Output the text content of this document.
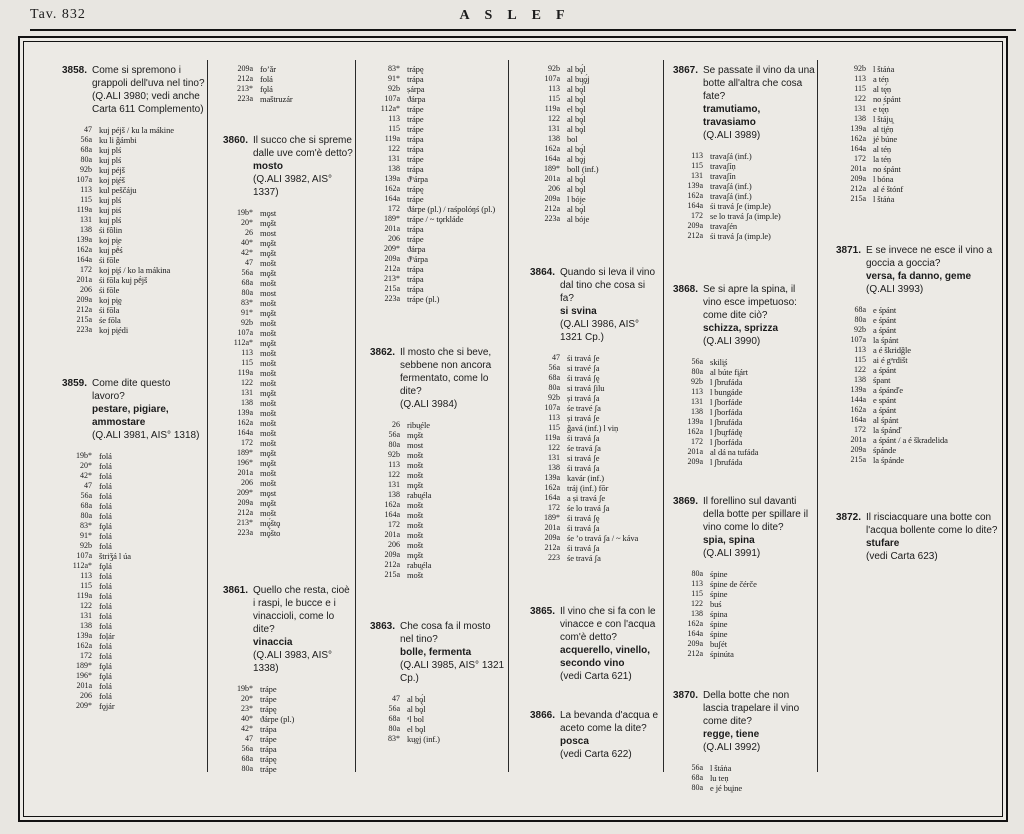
Tav. 832	ASLEF
3858. Come si spremono i grappoli dell'uva nel tino?
(Q.ALI 3980; vedi anche Carta 611 Complemento)
47 kuj péjš / ku la mákine
56a ku li ǧámbi
68a kuj plś
80a kuj plś
92b kuj péjš
107a koj pi̯éš
113 kul peščáju
115 kuj plś
119a kuj piś
131 kuj plś
138 śi fôlin
139a koj pi̯e
162a kuj pḗś
164a śi fōle
172 koj pi̯ś / ko la mákina
201a śi fōla kuj pḗjš
206 śi fōle
209a koj pi̯ę
212a śi fōla
215a śe fōla
223a koj pi̯édi
3859. Come dite questo lavoro?
pestare, pigiare, ammostare
(Q.ALI 3981, AIS° 1318)
19b* folá
20* folá
42* folá
47 folá
56a folá
68a folá
80a folá
83* fǫlá
91* folá
92b folá
107a štriǯá l úa
112a* fǫlá
113 folá
115 folá
119a folá
122 folá
131 folá
138 folá
139a foḷár
162a folá
172 folá
189* fǫlá
196* fǫlá
201a folá
206 folá
209* fǫjár
209a foʼǎr
212a folá
213* fǫlá
223a maštruzár
3860. Il succo che si spreme dalle uve com'è detto?
mosto
(Q.ALI 3982, AIS° 1337)
19b* mǫst
20* mǫšt
26 most
40* mǫšt
42* mǫšt
47 mošt
56a mǫšt
68a mošt
80a most
83* mošt
91* mǫšt
92b mošt
107a mošt
112a* mǫšt
113 mošt
115 mošt
119a mošt
122 mošt
131 mǫšt
138 mošt
139a mošt
162a mošt
164a mošt
172 mošt
189* mǫšt
196* mǫšt
201a mošt
206 mošt
209* mǫst
209a mǫšt
212a mošt
213* mǫ́štǫ
223a mǫ́što
3861. Quello che resta, cioè i raspi, le bucce e i vinaccioli, come lo dite?
vinaccia
(Q.ALI 3983, AIS° 1338)
19b* trápe
20* trápe
23* trápę
40* ϑárpe (pl.)
42* trápa
47 trápe
56a trápa
68a trápę
80a trápe
83* trápę
91* trápa
92b ṣárpa
107a ϑárpa
112a* trápe
113 trápe
115 trápe
119a trápa
122 trápa
131 trápe
138 trápa
139a ϑʰárpa
162a trápę
164a trápe
172 ϑárpe (pl.) / raśpolóŋś (pl.)
189* trápe / ~ tǫrkláde
201a trápa
206 trápe
209* ϑárpa
209a ϑʰárpa
212a trápa
213* trápa
215a trápa
223a trápe (pl.)
3862. Il mosto che si beve, sebbene non ancora fermentato, come lo dite?
(Q.ALI 3984)
26 ribu̯éle
56a mǫšt
80a most
92b mošt
113 mošt
122 mošt
131 mǫšt
138 rabu̯éla
162a mošt
164a mošt
172 mošt
201a mošt
206 mošt
209a mǫšt
212a rabu̯éla
215a mošt
3863. Che cosa fa il mosto nel tino?
bolle, fermenta
(Q.ALI 3985, AIS° 1321 Cp.)
47 al bǫ́l
56a al bǫ́l
68a ᵃl bol
80a el bǫl
83* ku̯ęj (inf.)
92b al bǫ́l
107a al bu̯ǫ́j
113 al bǫ́l
115 al bǫ́l
119a el bǫ́l
122 al bǫ́l
131 al bǫ́l
138 bol
162a al bǫ́l
164a al bǫ́j
189* boll (inf.)
201a al bǫ́l
206 al bǫ́l
209a l bóje
212a al bǫ́l
223a al bóje
3864. Quando si leva il vino dal tino che cosa si fa?
si svina
(Q.ALI 3986, AIS° 1321 Cp.)
47 śi travá ʃe
56a si travé ʃa
68a śi travá ʃę
80a si travá ʃilu
92b ṣi travá ʃa
107a śe travé ʃa
113 ṣi travá ʃe
115 ǧavá (inf.) l viṇ
119a śi travá ʃa
122 śe travá ʃa
131 si travá ʃe
138 śi travá ʃa
139a kavár (inf.)
162a tráj (inf.) fōr
164a a ṣi travá ʃe
172 śe lo travá ʃa
189* śi travá ʃę
201a śi travá ʃa
209a śe ʼo travá ʃa / ~ káva
212a śi travá ʃa
223 śe travá ʃa
3865. Il vino che si fa con le vinacce e con l'acqua com'è detto?
acquerello, vinello, secondo vino
(vedi Carta 621)
3866. La bevanda d'acqua e aceto come la dite?
posca
(vedi Carta 622)
3867. Se passate il vino da una botte all'altra che cosa fate?
tramutiamo, travasiamo
(Q.ALI 3989)
113 travaʃá (inf.)
115 travaʃíṇ
131 travaʃín
139a travaʃá (inf.)
162a travaʃá (inf.)
164a śi travá ʃe (imp.le)
172 se lo travá ʃa (imp.le)
209a travaʃén
212a śi travá ʃa (imp.le)
3868. Se si apre la spina, il vino esce impetuoso: come dite ciò?
schizza, sprizza
(Q.ALI 3990)
56a skili̯ś
80a al búte fi̯árt
92b l ʃbrufáda
113 l bungáde
131 l ʃborfáde
138 l ʃborfáda
139a l ʃbrufáda
162a l ʃbu̯rfádę
172 l ʃborfáda
201a al dá na tufáda
209a l ʃbrufáda
3869. Il forellino sul davanti della botte per spillare il vino come lo dite?
spia, spina
(Q.ALI 3991)
80a śpine
113 śpine de čérče
115 śpine
122 buś
138 śpina
162a śpine
164a śpine
209a buʃét
212a śpinúta
3870. Della botte che non lascia trapelare il vino come dite?
regge, tiene
(Q.ALI 3992)
56a l štáṅa
68a lu teṇ
80a e jé bu̯ine
92b l štáṅa
113 a téṇ
115 al tę́ṇ
122 no śpánt
131 e tę́ṇ
138 l štáju̯
139a al ti̯éṇ
162a jé búne
164a al téṇ
172 la téṇ
201a no śpánt
209a l bóna
212a al é štónf
215a l štáṅa
3871. E se invece ne esce il vino a goccia a goccia?
versa, fa danno, geme
(Q.ALI 3993)
68a e śpánt
80a e śpánt
92b a śpánt
107a la śpánt
113 a é škridǧle
115 ai é gᵊrdišt
122 a śpánt
138 śpant
139a a śpánďe
144a e spánt
162a a śpánt
164a al śpánt
172 la śpánď
201a a śpánt / a é škradelida
209a śpánde
215a la śpánde
3872. Il risciacquare una botte con l'acqua bollente come lo dite? stufare
(vedi Carta 623)
